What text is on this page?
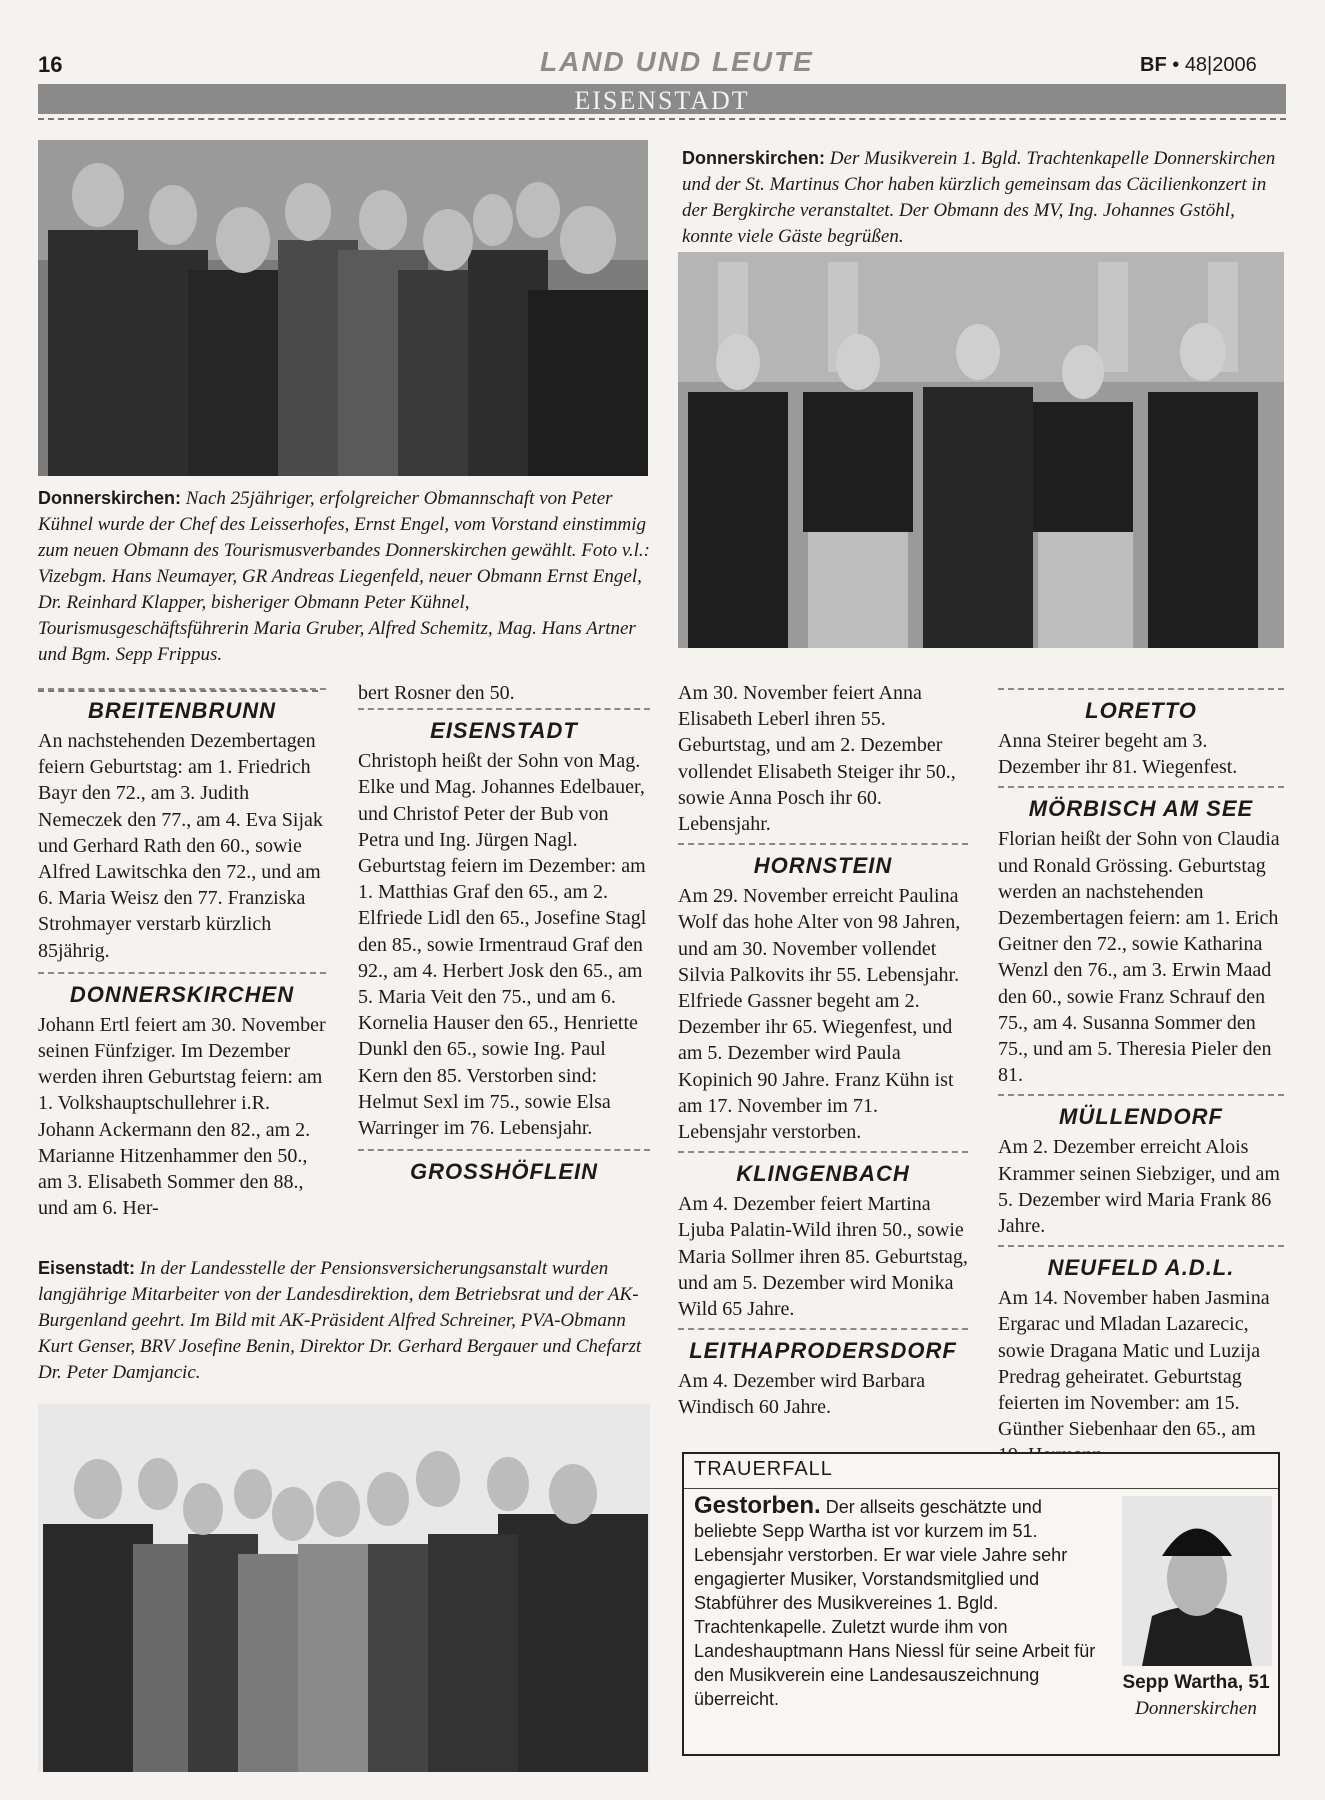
16	LAND UND LEUTE	BF • 48|2006
EISENSTADT
Donnerskirchen: Nach 25jähriger, erfolgreicher Obmannschaft von Peter Kühnel wurde der Chef des Leisserhofes, Ernst Engel, vom Vorstand einstimmig zum neuen Obmann des Tourismusverbandes Donnerskirchen gewählt. Foto v.l.: Vizebgm. Hans Neumayer, GR Andreas Liegenfeld, neuer Obmann Ernst Engel, Dr. Reinhard Klapper, bisheriger Obmann Peter Kühnel, Tourismusgeschäftsführerin Maria Gruber, Alfred Schemitz, Mag. Hans Artner und Bgm. Sepp Frippus.
Donnerskirchen: Der Musikverein 1. Bgld. Trachtenkapelle Donnerskirchen und der St. Martinus Chor haben kürzlich gemeinsam das Cäcilienkonzert in der Bergkirche veranstaltet. Der Obmann des MV, Ing. Johannes Gstöhl, konnte viele Gäste begrüßen.
BREITENBRUNN

An nachstehenden Dezembertagen feiern Geburtstag: am 1. Friedrich Bayr den 72., am 3. Judith Nemeczek den 77., am 4. Eva Sijak und Gerhard Rath den 60., sowie Alfred Lawitschka den 72., und am 6. Maria Weisz den 77. Franziska Strohmayer verstarb kürzlich 85jährig.

DONNERSKIRCHEN

Johann Ertl feiert am 30. November seinen Fünfziger. Im Dezember werden ihren Geburtstag feiern: am 1. Volkshauptschullehrer i.R. Johann Ackermann den 82., am 2. Marianne Hitzenhammer den 50., am 3. Elisabeth Sommer den 88., und am 6. Her-

bert Rosner den 50.

EISENSTADT

Christoph heißt der Sohn von Mag. Elke und Mag. Johannes Edelbauer, und Christof Peter der Bub von Petra und Ing. Jürgen Nagl. Geburtstag feiern im Dezember: am 1. Matthias Graf den 65., am 2. Elfriede Lidl den 65., Josefine Stagl den 85., sowie Irmentraud Graf den 92., am 4. Herbert Josk den 65., am 5. Maria Veit den 75., und am 6. Kornelia Hauser den 65., Henriette Dunkl den 65., sowie Ing. Paul Kern den 85. Verstorben sind: Helmut Sexl im 75., sowie Elsa Warringer im 76. Lebensjahr.

GROSSHÖFLEIN

Am 30. November feiert Anna Elisabeth Leberl ihren 55. Geburtstag, und am 2. Dezember vollendet Elisabeth Steiger ihr 50., sowie Anna Posch ihr 60. Lebensjahr.

HORNSTEIN

Am 29. November erreicht Paulina Wolf das hohe Alter von 98 Jahren, und am 30. November vollendet Silvia Palkovits ihr 55. Lebensjahr. Elfriede Gassner begeht am 2. Dezember ihr 65. Wiegenfest, und am 5. Dezember wird Paula Kopinich 90 Jahre. Franz Kühn ist am 17. November im 71. Lebensjahr verstorben.

KLINGENBACH

Am 4. Dezember feiert Martina Ljuba Palatin-Wild ihren 50., sowie Maria Sollmer ihren 85. Geburtstag, und am 5. Dezember wird Monika Wild 65 Jahre.

LEITHAPRODERSDORF

Am 4. Dezember wird Barbara Windisch 60 Jahre.

LORETTO

Anna Steirer begeht am 3. Dezember ihr 81. Wiegenfest.

MÖRBISCH AM SEE

Florian heißt der Sohn von Claudia und Ronald Grössing. Geburtstag werden an nachstehenden Dezembertagen feiern: am 1. Erich Geitner den 72., sowie Katharina Wenzl den 76., am 3. Erwin Maad den 60., sowie Franz Schrauf den 75., am 4. Susanna Sommer den 75., und am 5. Theresia Pieler den 81.

MÜLLENDORF

Am 2. Dezember erreicht Alois Krammer seinen Siebziger, und am 5. Dezember wird Maria Frank 86 Jahre.

NEUFELD A.D.L.

Am 14. November haben Jasmina Ergarac und Mladan Lazarecic, sowie Dragana Matic und Luzija Predrag geheiratet. Geburtstag feierten im November: am 15. Günther Siebenhaar den 65., am

Eisenstadt: In der Landesstelle der Pensionsversicherungsanstalt wurden langjährige Mitarbeiter von der Landesdirektion, dem Betriebsrat und der AK-Burgenland geehrt. Im Bild mit AK-Präsident Alfred Schreiner, PVA-Obmann Kurt Genser, BRV Josefine Benin, Direktor Dr. Gerhard Bergauer und Chefarzt Dr. Peter Damjancic.
TRAUERFALL
Gestorben. Der allseits geschätzte und beliebte Sepp Wartha ist vor kurzem im 51. Lebensjahr verstorben. Er war viele Jahre sehr engagierter Musiker, Vorstandsmitglied und Stabführer des Musikvereines 1. Bgld. Trachtenkapelle. Zuletzt wurde ihm von Landeshauptmann Hans Niessl für seine Arbeit für den Musikverein eine Landesauszeichnung überreicht.
Sepp Wartha, 51
Donnerskirchen
